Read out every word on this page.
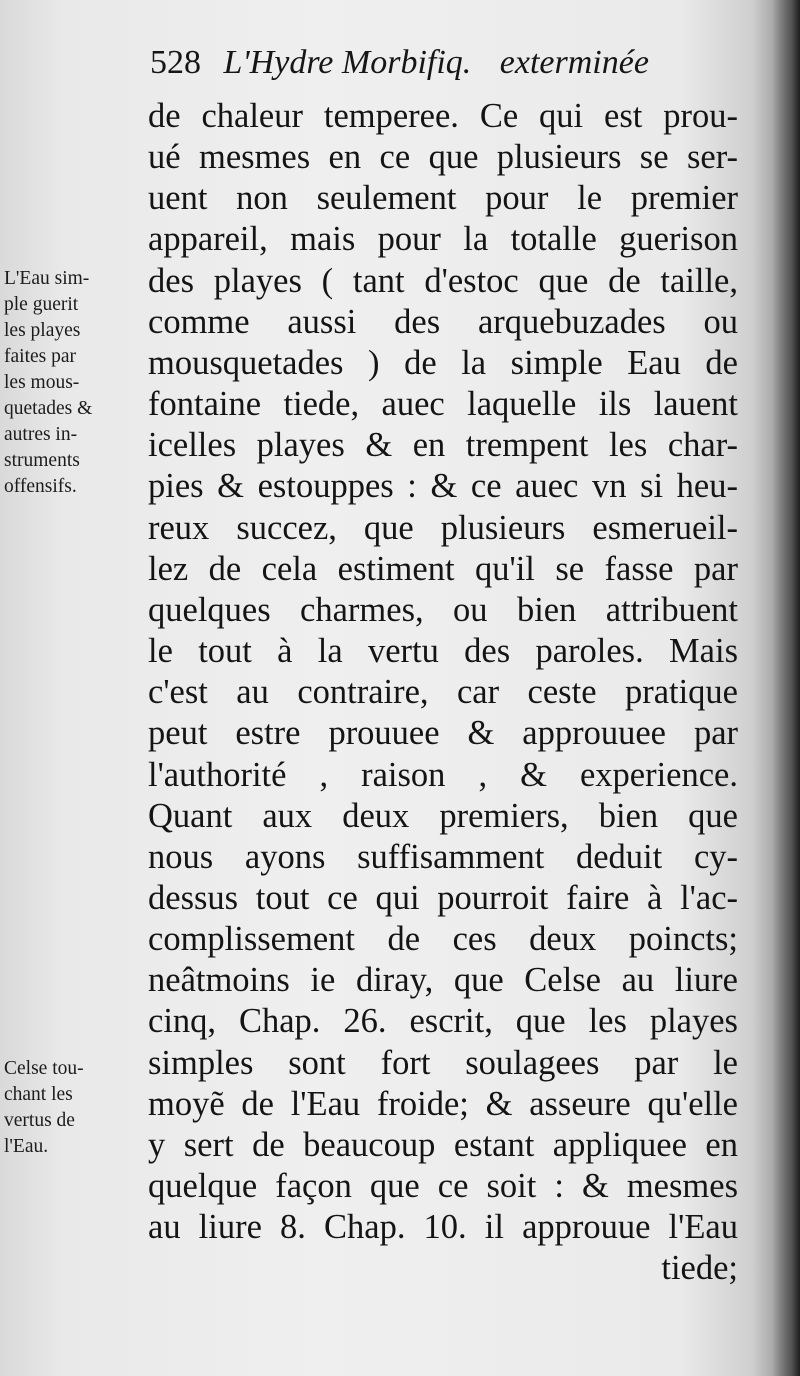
528 L'Hydre Morbifiq. exterminée
de chaleur temperee. Ce qui est prou-
ué mesmes en ce que plusieurs se ser-
uent non seulement pour le premier
appareil, mais pour la totalle guerison
des playes ( tant d'estoc que de taille,
comme aussi des arquebuzades ou
mousquetades ) de la simple Eau de
fontaine tiede, auec laquelle ils lauent
icelles playes & en trempent les char-
pies & estouppes : & ce auec vn si heu-
reux succez, que plusieurs esmerueil-
lez de cela estiment qu'il se fasse par
quelques charmes, ou bien attribuent
le tout à la vertu des paroles. Mais
c'est au contraire, car ceste pratique
peut estre prouuee & approuuee par
l'authorité , raison , & experience.
Quant aux deux premiers, bien que
nous ayons suffisamment deduit cy-
dessus tout ce qui pourroit faire à l'ac-
complissement de ces deux poincts;
neâtmoins ie diray, que Celse au liure
cinq, Chap. 26. escrit, que les playes
simples sont fort soulagees par le
moyẽ de l'Eau froide; & asseure qu'elle
y sert de beaucoup estant appliquee en
quelque façon que ce soit : & mesmes
au liure 8. Chap. 10. il approuue l'Eau
tiede;
L'Eau sim-
ple guerit
les playes
faites par
les mous-
quetades &
autres in-
struments
offensifs.
Celse tou-
chant les
vertus de
l'Eau.
